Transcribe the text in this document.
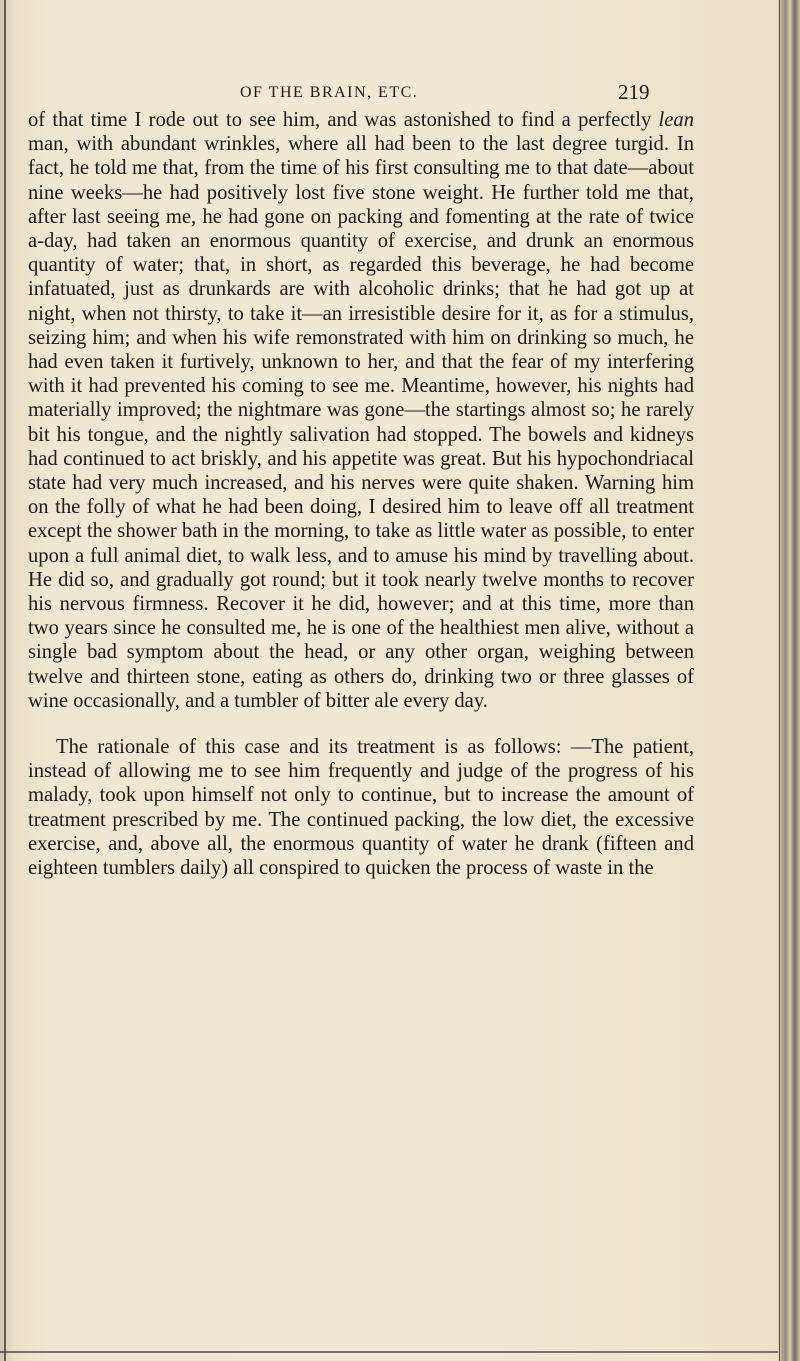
OF THE BRAIN, ETC.	219

of that time I rode out to see him, and was astonished to find a perfectly lean man, with abundant wrinkles, where all had been to the last degree turgid. In fact, he told me that, from the time of his first consulting me to that date—about nine weeks—he had positively lost five stone weight. He further told me that, after last seeing me, he had gone on packing and fomenting at the rate of twice a-day, had taken an enormous quantity of exercise, and drunk an enormous quantity of water; that, in short, as regarded this beverage, he had become infatuated, just as drunkards are with alcoholic drinks; that he had got up at night, when not thirsty, to take it—an irresistible desire for it, as for a stimulus, seizing him; and when his wife remonstrated with him on drinking so much, he had even taken it furtively, unknown to her, and that the fear of my interfering with it had prevented his coming to see me. Meantime, however, his nights had materially improved; the nightmare was gone—the startings almost so; he rarely bit his tongue, and the nightly salivation had stopped. The bowels and kidneys had continued to act briskly, and his appetite was great. But his hypochondriacal state had very much increased, and his nerves were quite shaken. Warning him on the folly of what he had been doing, I desired him to leave off all treatment except the shower bath in the morning, to take as little water as possible, to enter upon a full animal diet, to walk less, and to amuse his mind by travelling about. He did so, and gradually got round; but it took nearly twelve months to recover his nervous firmness. Recover it he did, however; and at this time, more than two years since he consulted me, he is one of the healthiest men alive, without a single bad symptom about the head, or any other organ, weighing between twelve and thirteen stone, eating as others do, drinking two or three glasses of wine occasionally, and a tumbler of bitter ale every day.

The rationale of this case and its treatment is as follows: —The patient, instead of allowing me to see him frequently and judge of the progress of his malady, took upon himself not only to continue, but to increase the amount of treatment prescribed by me. The continued packing, the low diet, the excessive exercise, and, above all, the enormous quantity of water he drank (fifteen and eighteen tumblers daily) all conspired to quicken the process of waste in the
